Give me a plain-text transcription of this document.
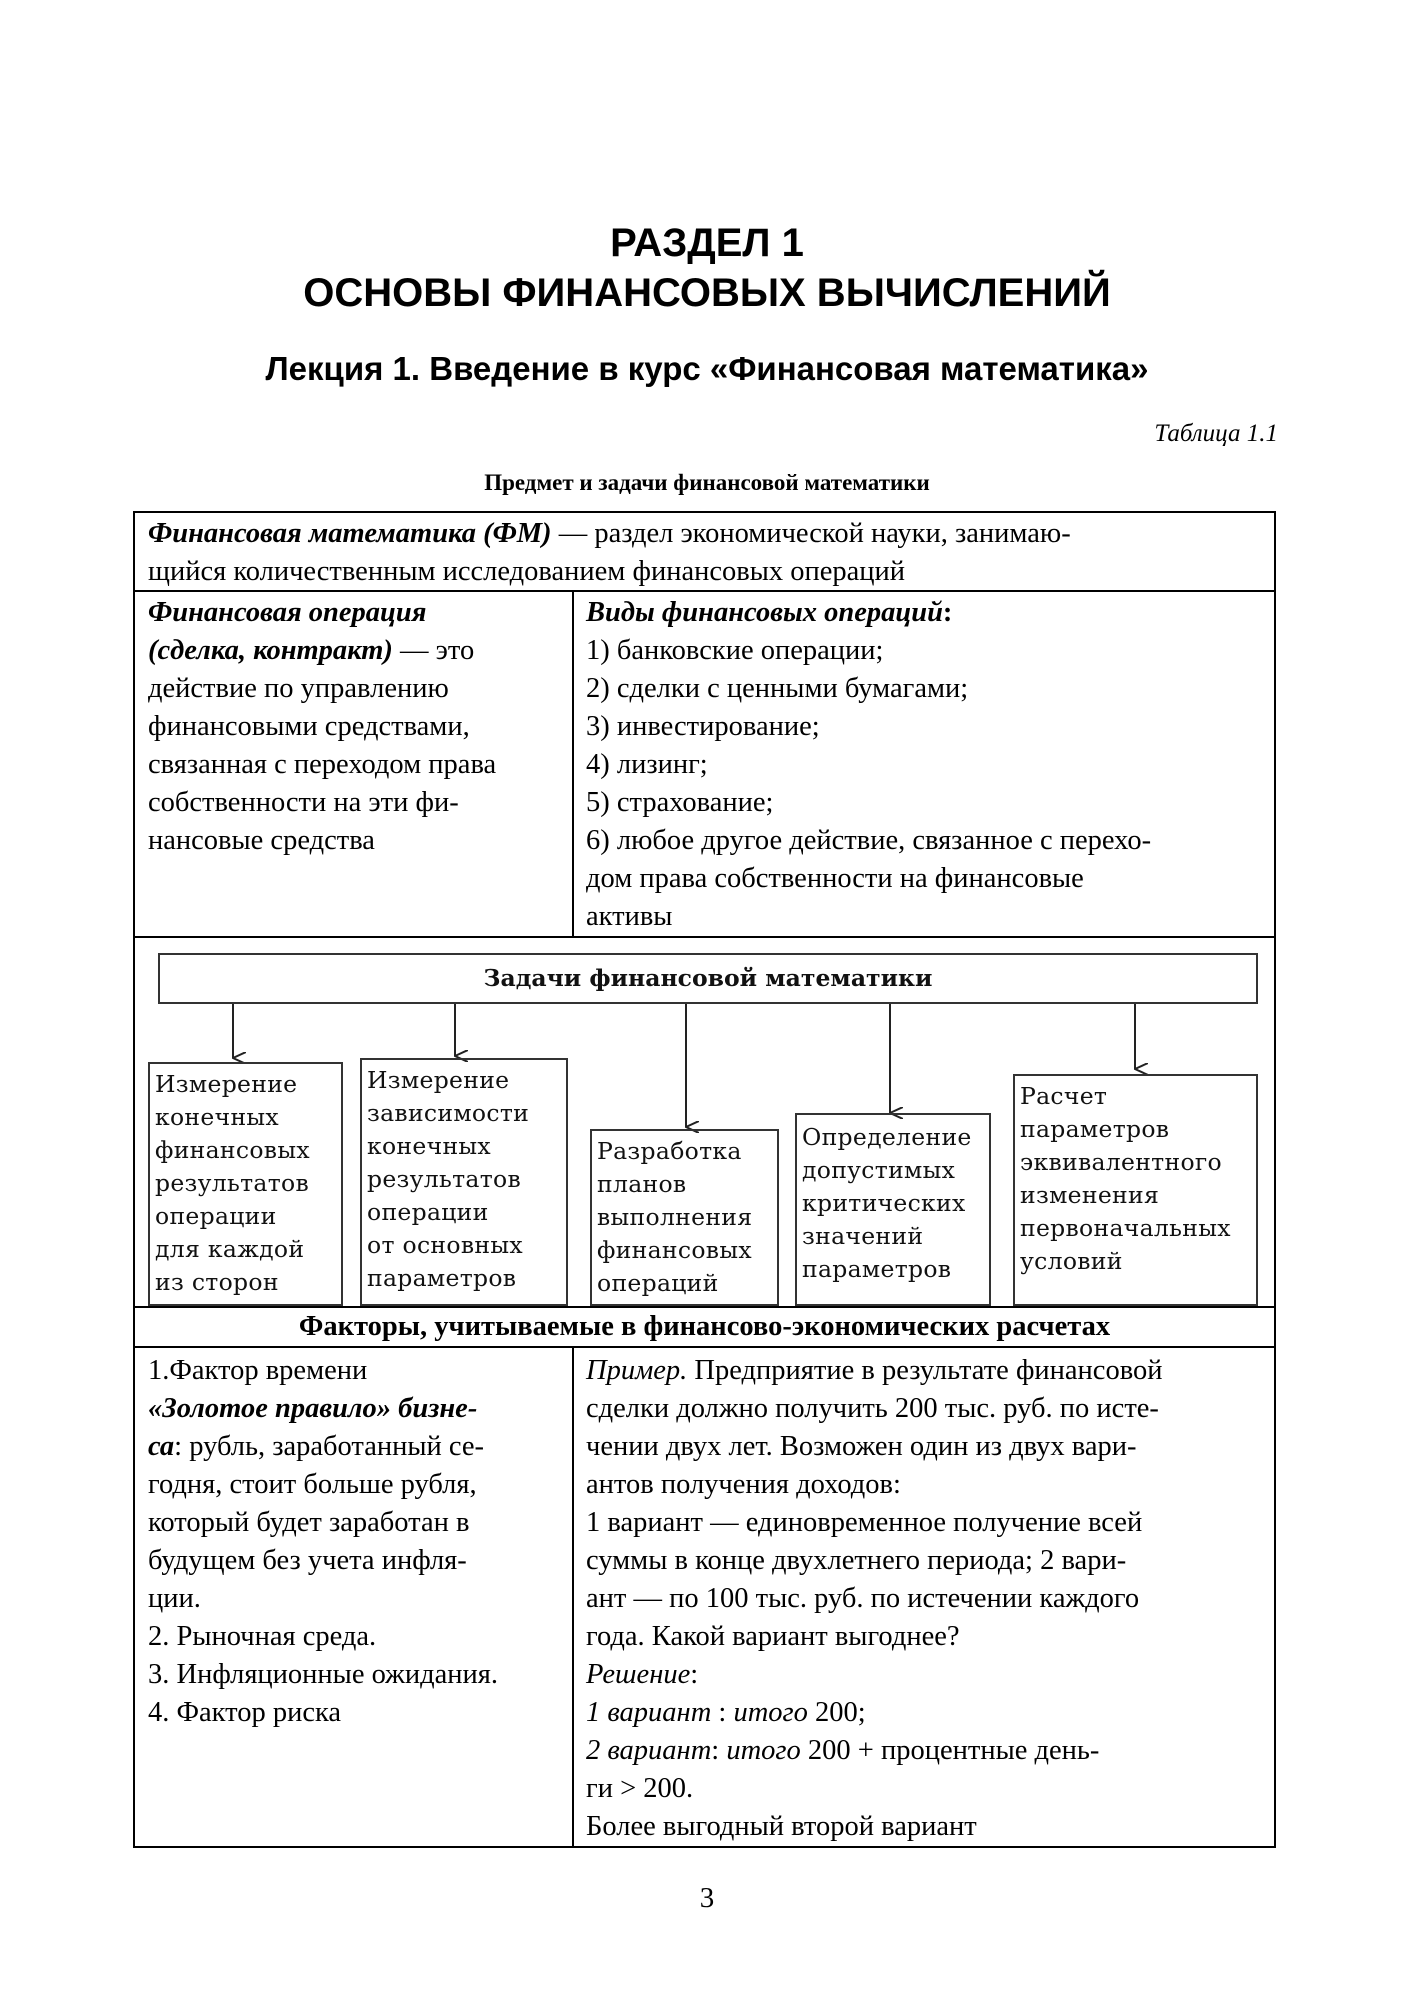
РАЗДЕЛ 1
ОСНОВЫ ФИНАНСОВЫХ ВЫЧИСЛЕНИЙ
Лекция 1. Введение в курс «Финансовая математика»
Таблица 1.1
Предмет и задачи финансовой математики

Финансовая математика (ФМ) — раздел экономической науки, занимаю-

щийся количественным исследованием финансовых операций

Финансовая операция

(сделка, контракт) — это

действие по управлению

финансовыми средствами,

связанная с переходом права

собственности на эти фи-

нансовые средства

Виды финансовых операций:

1) банковские операции;

2) сделки с ценными бумагами;

3) инвестирование;

4) лизинг;

5) страхование;

6) любое другое действие, связанное с перехо-

дом права собственности на финансовые

активы

Задачи финансовой математики
Измерение
конечных
финансовых
результатов
операции
для каждой
из сторон
Измерение
зависимости
конечных
результатов
операции
от основных
параметров
Разработка
планов
выполнения
финансовых
операций
Определение
допустимых
критических
значений
параметров
Расчет
параметров
эквивалентного
изменения
первоначальных
условий
Факторы, учитываемые в финансово-экономических расчетах

1.Фактор времени

«Золотое правило» бизне-

са: рубль, заработанный се-

годня, стоит больше рубля,

который будет заработан в

будущем без учета инфля-

ции.

2. Рыночная среда.

3. Инфляционные ожидания.

4. Фактор риска

Пример. Предприятие в результате финансовой

сделки должно получить 200 тыс. руб. по исте-

чении двух лет. Возможен один из двух вари-

антов получения доходов:

1 вариант — единовременное получение всей

суммы в конце двухлетнего периода; 2 вари-

ант — по 100 тыс. руб. по истечении каждого

года. Какой вариант выгоднее?

Решение:

1 вариант : итого 200;

2 вариант: итого 200 + процентные день-

ги > 200.

Более выгодный второй вариант

3
